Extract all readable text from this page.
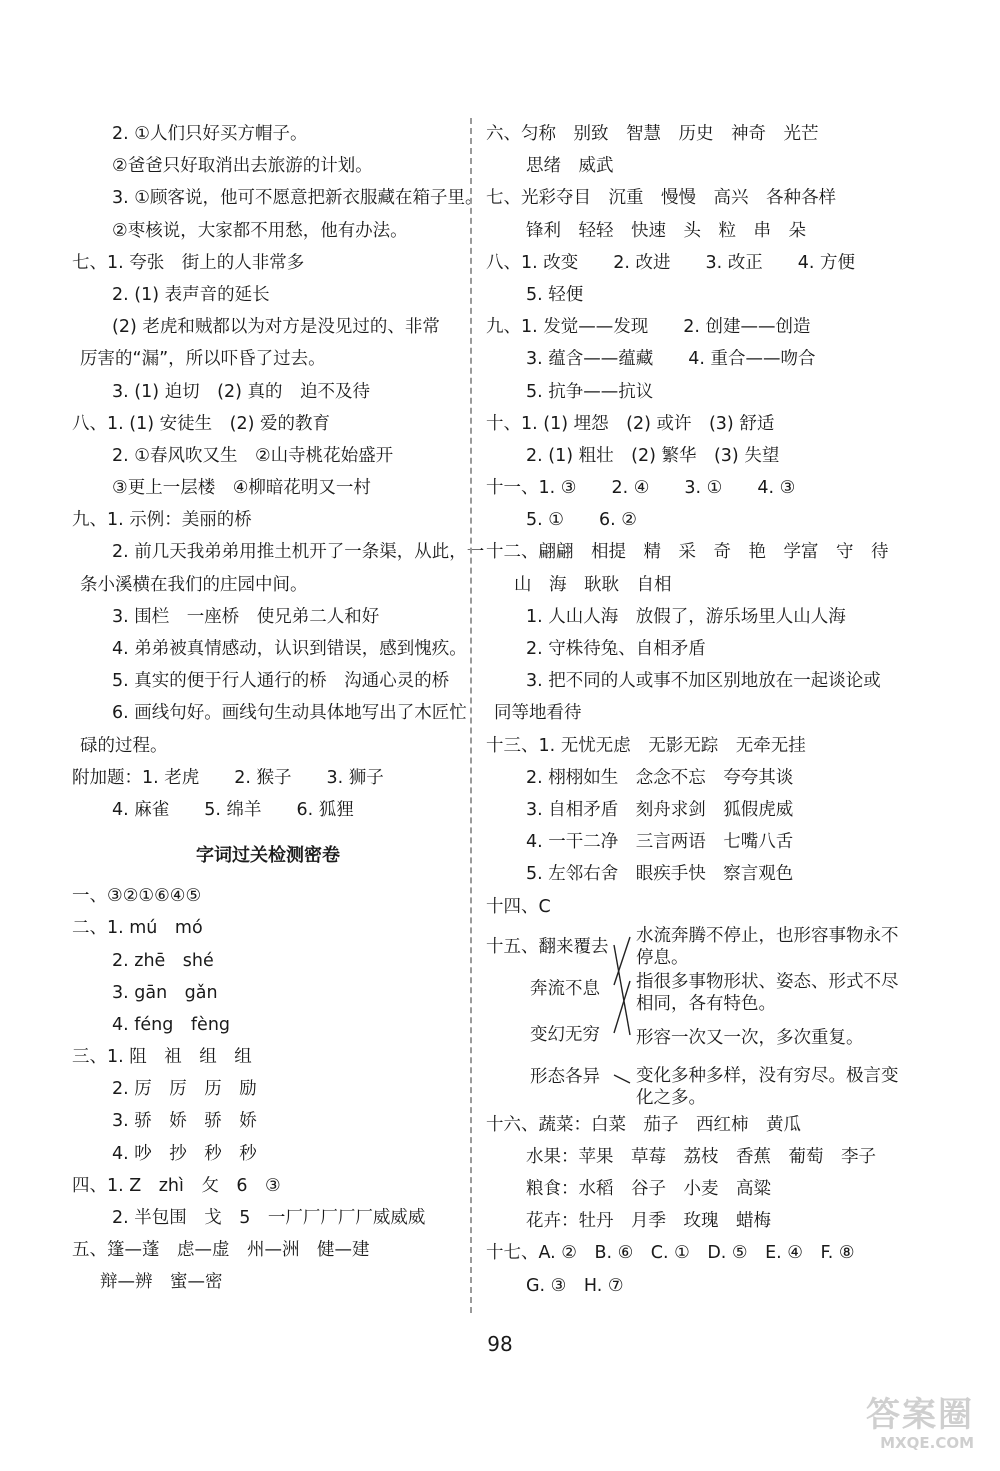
2. ①人们只好买方帽子。
②爸爸只好取消出去旅游的计划。
3. ①顾客说，他可不愿意把新衣服藏在箱子里。
②枣核说，大家都不用愁，他有办法。
七、1. 夸张　街上的人非常多
2. (1) 表声音的延长
(2) 老虎和贼都以为对方是没见过的、非常
厉害的“漏”，所以吓昏了过去。
3. (1) 迫切　(2) 真的　迫不及待
八、1. (1) 安徒生　(2) 爱的教育
2. ①春风吹又生　②山寺桃花始盛开
③更上一层楼　④柳暗花明又一村
九、1. 示例：美丽的桥
2. 前几天我弟弟用推土机开了一条渠，从此，一
条小溪横在我们的庄园中间。
3. 围栏　一座桥　使兄弟二人和好
4. 弟弟被真情感动，认识到错误，感到愧疚。
5. 真实的便于行人通行的桥　沟通心灵的桥
6. 画线句好。画线句生动具体地写出了木匠忙
碌的过程。
附加题：1. 老虎　　2. 猴子　　3. 狮子
4. 麻雀　　5. 绵羊　　6. 狐狸
字词过关检测密卷
一、③②①⑥④⑤
二、1. mú　mó
2. zhē　shé
3. gān　gǎn
4. féng　fèng
三、1. 阻　祖　组　组
2. 厉　厉　历　励
3. 骄　娇　骄　娇
4. 吵　抄　秒　秒
四、1. Z　zhì　攵　6　③
2. 半包围　戈　5　一厂厂厂厂厂威威威
五、篷—蓬　虑—虚　州—洲　健—建
辩—辨　蜜—密
六、匀称　别致　智慧　历史　神奇　光芒
思绪　威武
七、光彩夺目　沉重　慢慢　高兴　各种各样
锋利　轻轻　快速　头　粒　串　朵
八、1. 改变　　2. 改进　　3. 改正　　4. 方便
5. 轻便
九、1. 发觉——发现　　2. 创建——创造
3. 蕴含——蕴藏　　4. 重合——吻合
5. 抗争——抗议
十、1. (1) 埋怨　(2) 或许　(3) 舒适
2. (1) 粗壮　(2) 繁华　(3) 失望
十一、1. ③　　2. ④　　3. ①　　4. ③
5. ①　　6. ②
十二、翩翩　相提　精　采　奇　艳　学富　守　待
山　海　耿耿　自相
1. 人山人海　放假了，游乐场里人山人海
2. 守株待兔、自相矛盾
3. 把不同的人或事不加区别地放在一起谈论或
同等地看待
十三、1. 无忧无虑　无影无踪　无牵无挂
2. 栩栩如生　念念不忘　夸夸其谈
3. 自相矛盾　刻舟求剑　狐假虎威
4. 一干二净　三言两语　七嘴八舌
5. 左邻右舍　眼疾手快　察言观色
十四、C
十五、翻来覆去
奔流不息
变幻无穷
形态各异
水流奔腾不停止，也形容事物永不停息。
指很多事物形状、姿态、形式不尽相同，各有特色。
形容一次又一次，多次重复。
变化多种多样，没有穷尽。极言变化之多。
十六、蔬菜：白菜　茄子　西红柿　黄瓜
水果：苹果　草莓　荔枝　香蕉　葡萄　李子
粮食：水稻　谷子　小麦　高粱
花卉：牡丹　月季　玫瑰　蜡梅
十七、A. ②　B. ⑥　C. ①　D. ⑤　E. ④　F. ⑧
G. ③　H. ⑦
98
答案圈
MXQE.COM
